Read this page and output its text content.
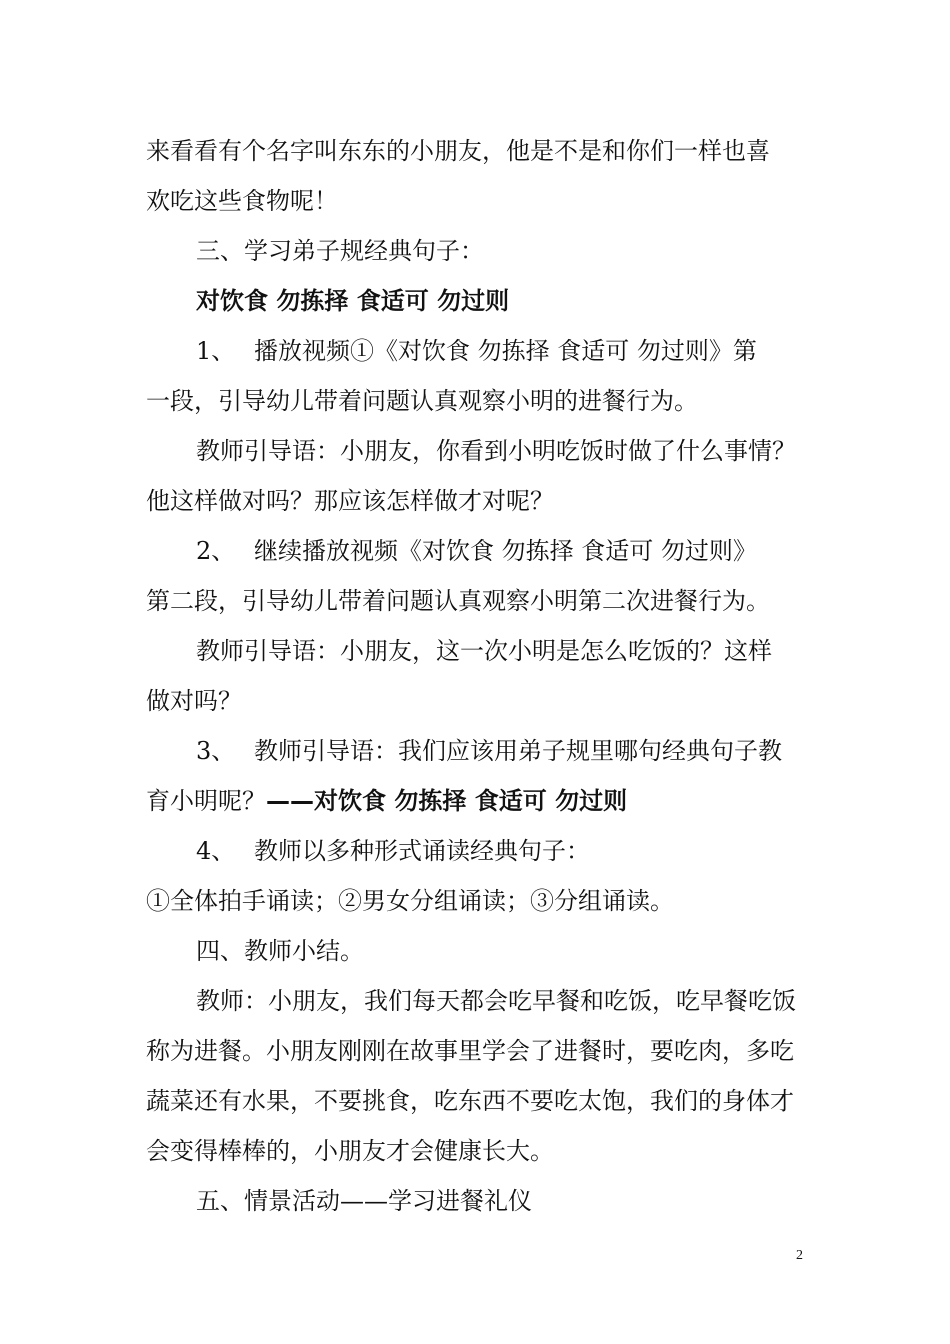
来看看有个名字叫东东的小朋友，他是不是和你们一样也喜
欢吃这些食物呢！
三、学习弟子规经典句子：
对饮食 勿拣择 食适可 勿过则
1、 播放视频①《对饮食 勿拣择 食适可 勿过则》第
一段，引导幼儿带着问题认真观察小明的进餐行为。
教师引导语：小朋友，你看到小明吃饭时做了什么事情？
他这样做对吗？那应该怎样做才对呢？
2、 继续播放视频《对饮食 勿拣择 食适可 勿过则》
第二段，引导幼儿带着问题认真观察小明第二次进餐行为。
教师引导语：小朋友，这一次小明是怎么吃饭的？这样
做对吗？
3、 教师引导语：我们应该用弟子规里哪句经典句子教
育小明呢？——对饮食 勿拣择 食适可 勿过则
4、 教师以多种形式诵读经典句子：
①全体拍手诵读；②男女分组诵读；③分组诵读。
四、教师小结。
教师：小朋友，我们每天都会吃早餐和吃饭，吃早餐吃饭
称为进餐。小朋友刚刚在故事里学会了进餐时，要吃肉，多吃
蔬菜还有水果，不要挑食，吃东西不要吃太饱，我们的身体才
会变得棒棒的，小朋友才会健康长大。
五、情景活动——学习进餐礼仪
2
